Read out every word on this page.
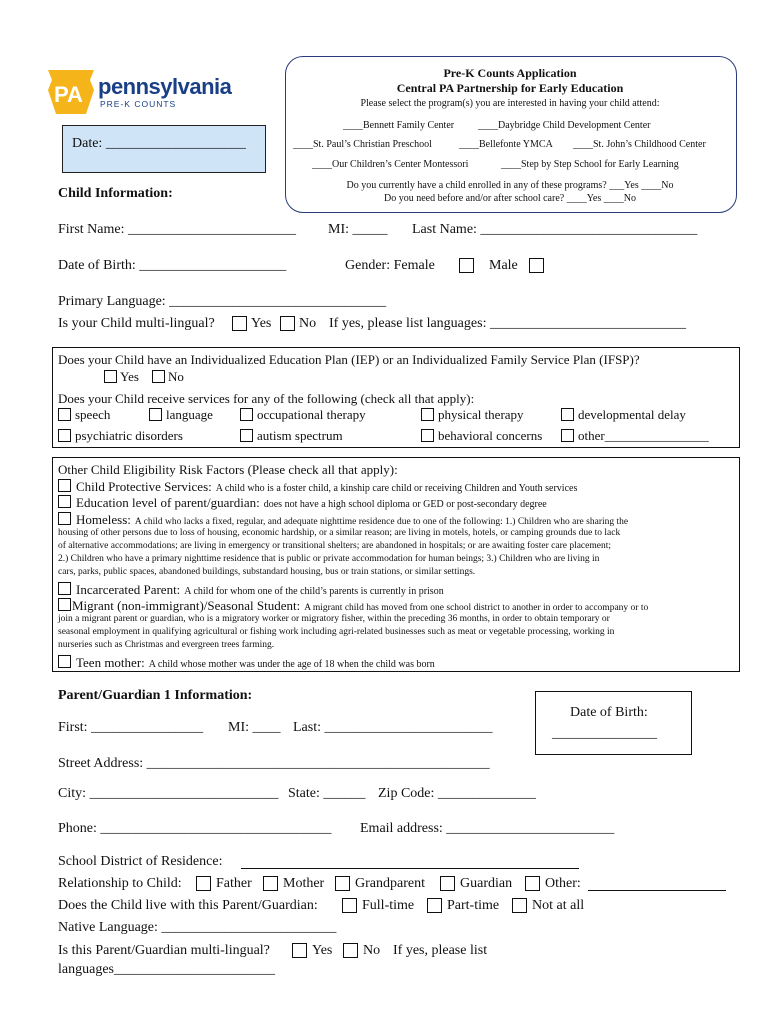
PA pennsylvania
PRE-K COUNTS
Pre-K Counts Application
Central PA Partnership for Early Education
Please select the program(s) you are interested in having your child attend:
____Bennett Family Center ____Daybridge Child Development Center
____St. Paul’s Christian Preschool	____Bellefonte YMCA ____St. John’s Childhood Center
____Our Children’s Center Montessori	____Step by Step School for Early Learning
Do you currently have a child enrolled in any of these programs? ___Yes ____No
Do you need before and/or after school care? ____Yes ____No
Date: ____________________
Child Information:
First Name: ________________________ MI: _____ Last Name: _______________________________
Date of Birth: _____________________	Gender: Female	Male
Primary Language: _______________________________
Is your Child multi-lingual?	Yes No If yes, please list languages: ____________________________
Does your Child have an Individualized Education Plan (IEP) or an Individualized Family Service Plan (IFSP)?
Yes No
Does your Child receive services for any of the following (check all that apply):
speech	language	occupational therapy	physical therapy	developmental delay
psychiatric disorders	autism spectrum	behavioral concerns	other________________
Other Child Eligibility Risk Factors (Please check all that apply):
Child Protective Services: A child who is a foster child, a kinship care child or receiving Children and Youth services
Education level of parent/guardian: does not have a high school diploma or GED or post-secondary degree
Homeless: A child who lacks a fixed, regular, and adequate nighttime residence due to one of the following: 1.) Children who are sharing the
housing of other persons due to loss of housing, economic hardship, or a similar reason; are living in motels, hotels, or camping grounds due to lack
of alternative accommodations; are living in emergency or transitional shelters; are abandoned in hospitals; or are awaiting foster care placement;
2.) Children who have a primary nighttime residence that is public or private accommodation for human beings; 3.) Children who are living in
cars, parks, public spaces, abandoned buildings, substandard housing, bus or train stations, or similar settings.
Incarcerated Parent: A child for whom one of the child’s parents is currently in prison
Migrant (non-immigrant)/Seasonal Student: A migrant child has moved from one school district to another in order to accompany or to
join a migrant parent or guardian, who is a migratory worker or migratory fisher, within the preceding 36 months, in order to obtain temporary or
seasonal employment in qualifying agricultural or fishing work including agri-related businesses such as meat or vegetable processing, working in
nurseries such as Christmas and evergreen trees farming.
Teen mother: A child whose mother was under the age of 18 when the child was born
Parent/Guardian 1 Information:
First: ________________ MI: ____ Last: ________________________
Date of Birth:
_______________
Street Address: _________________________________________________
City: ___________________________ State: ______ Zip Code: ______________
Phone: _________________________________ Email address: ________________________
School District of Residence:
Relationship to Child: Father Mother Grandparent	Guardian Other:
Does the Child live with this Parent/Guardian:	Full-time Part-time Not at all
Native Language: _________________________
Is this Parent/Guardian multi-lingual?	Yes No If yes, please list
languages_______________________
